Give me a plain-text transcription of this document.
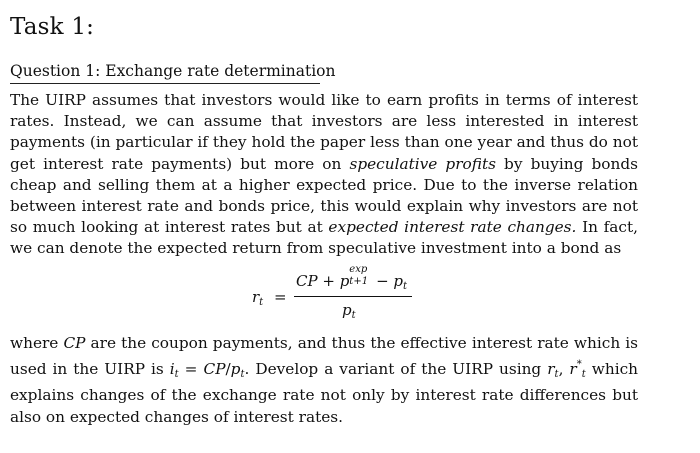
Task 1:
Question 1: Exchange rate determination
The UIRP assumes that investors would like to earn profits in terms of interest rates. Instead, we can assume that investors are less interested in interest payments (in particular if they hold the paper less than one year and thus do not get interest rate payments) but more on speculative profits by buying bonds cheap and selling them at a higher expected price. Due to the inverse relation between interest rate and bonds price, this would explain why investors are not so much looking at interest rates but at expected interest rate changes. In fact, we can denote the expected return from speculative investment into a bond as
$r_t$ =
CP + p
exp
$t+1 - p_t$
$p_t$
where CP are the coupon payments, and thus the effective interest rate which is used in the UIRP is $i_t = CP/p_t$. Develop a variant of the UIRP using $r_t$, $r^*_t$ which explains changes of the exchange rate not only by interest rate differences but also on expected changes of interest rates.
